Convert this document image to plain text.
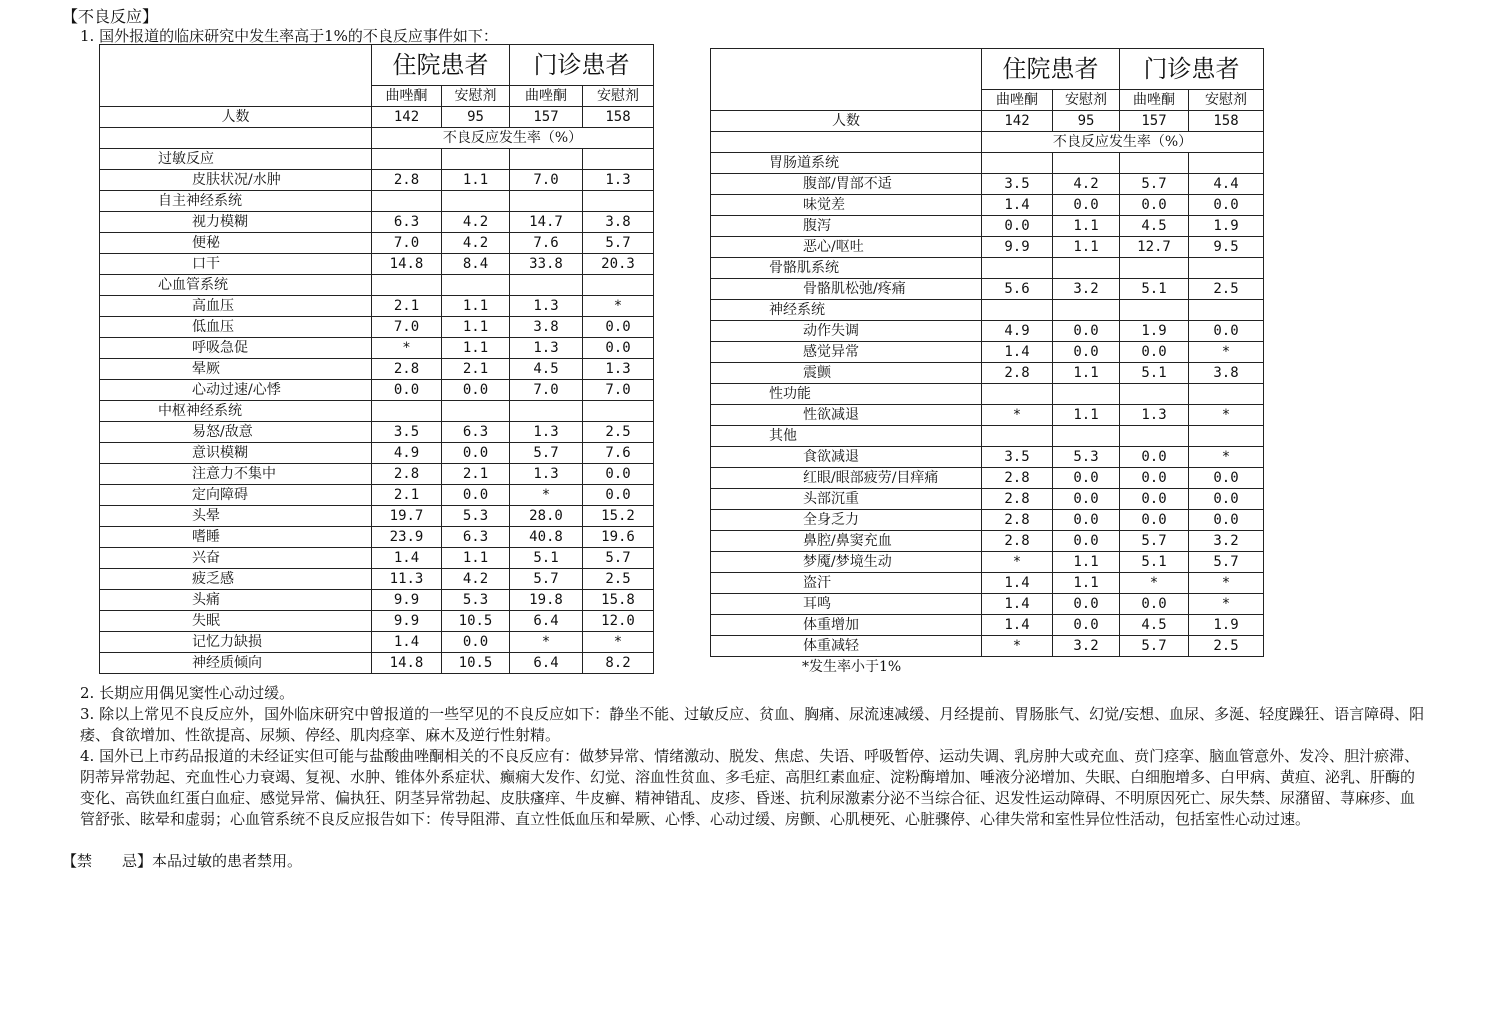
【不良反应】
1. 国外报道的临床研究中发生率高于1%的不良反应事件如下：
	住院患者		门诊患者	
	曲唑酮	安慰剂	曲唑酮	安慰剂
人数	142	95	157	158
	不良反应发生率（%）			
过敏反应				
皮肤状况/水肿	2.8	1.1	7.0	1.3
自主神经系统				
视力模糊	6.3	4.2	14.7	3.8
便秘	7.0	4.2	7.6	5.7
口干	14.8	8.4	33.8	20.3
心血管系统				
高血压	2.1	1.1	1.3	*
低血压	7.0	1.1	3.8	0.0
呼吸急促	*	1.1	1.3	0.0
晕厥	2.8	2.1	4.5	1.3
心动过速/心悸	0.0	0.0	7.0	7.0
中枢神经系统				
易怒/敌意	3.5	6.3	1.3	2.5
意识模糊	4.9	0.0	5.7	7.6
注意力不集中	2.8	2.1	1.3	0.0
定向障碍	2.1	0.0	*	0.0
头晕	19.7	5.3	28.0	15.2
嗜睡	23.9	6.3	40.8	19.6
兴奋	1.4	1.1	5.1	5.7
疲乏感	11.3	4.2	5.7	2.5
头痛	9.9	5.3	19.8	15.8
失眠	9.9	10.5	6.4	12.0
记忆力缺损	1.4	0.0	*	*
神经质倾向	14.8	10.5	6.4	8.2
	住院患者		门诊患者	
	曲唑酮	安慰剂	曲唑酮	安慰剂
人数	142	95	157	158
	不良反应发生率（%）			
胃肠道系统				
腹部/胃部不适	3.5	4.2	5.7	4.4
味觉差	1.4	0.0	0.0	0.0
腹泻	0.0	1.1	4.5	1.9
恶心/呕吐	9.9	1.1	12.7	9.5
骨骼肌系统				
骨骼肌松弛/疼痛	5.6	3.2	5.1	2.5
神经系统				
动作失调	4.9	0.0	1.9	0.0
感觉异常	1.4	0.0	0.0	*
震颤	2.8	1.1	5.1	3.8
性功能				
性欲减退	*	1.1	1.3	*
其他				
食欲减退	3.5	5.3	0.0	*
红眼/眼部疲劳/目痒痛	2.8	0.0	0.0	0.0
头部沉重	2.8	0.0	0.0	0.0
全身乏力	2.8	0.0	0.0	0.0
鼻腔/鼻窦充血	2.8	0.0	5.7	3.2
梦魇/梦境生动	*	1.1	5.1	5.7
盗汗	1.4	1.1	*	*
耳鸣	1.4	0.0	0.0	*
体重增加	1.4	0.0	4.5	1.9
体重减轻	*	3.2	5.7	2.5
*发生率小于1%

2. 长期应用偶见窦性心动过缓。

3. 除以上常见不良反应外，国外临床研究中曾报道的一些罕见的不良反应如下：静坐不能、过敏反应、贫血、胸痛、尿流速减缓、月经提前、胃肠胀气、幻觉/妄想、血尿、多涎、轻度躁狂、语言障碍、阳痿、食欲增加、性欲提高、尿频、停经、肌肉痉挛、麻木及逆行性射精。

4. 国外已上市药品报道的未经证实但可能与盐酸曲唑酮相关的不良反应有：做梦异常、情绪激动、脱发、焦虑、失语、呼吸暂停、运动失调、乳房肿大或充血、贲门痉挛、脑血管意外、发冷、胆汁瘀滞、阴蒂异常勃起、充血性心力衰竭、复视、水肿、锥体外系症状、癫痫大发作、幻觉、溶血性贫血、多毛症、高胆红素血症、淀粉酶增加、唾液分泌增加、失眠、白细胞增多、白甲病、黄疸、泌乳、肝酶的变化、高铁血红蛋白血症、感觉异常、偏执狂、阴茎异常勃起、皮肤瘙痒、牛皮癣、精神错乱、皮疹、昏迷、抗利尿激素分泌不当综合征、迟发性运动障碍、不明原因死亡、尿失禁、尿潴留、荨麻疹、血管舒张、眩晕和虚弱；心血管系统不良反应报告如下：传导阻滞、直立性低血压和晕厥、心悸、心动过缓、房颤、心肌梗死、心脏骤停、心律失常和室性异位性活动，包括室性心动过速。

【禁　　忌】本品过敏的患者禁用。
